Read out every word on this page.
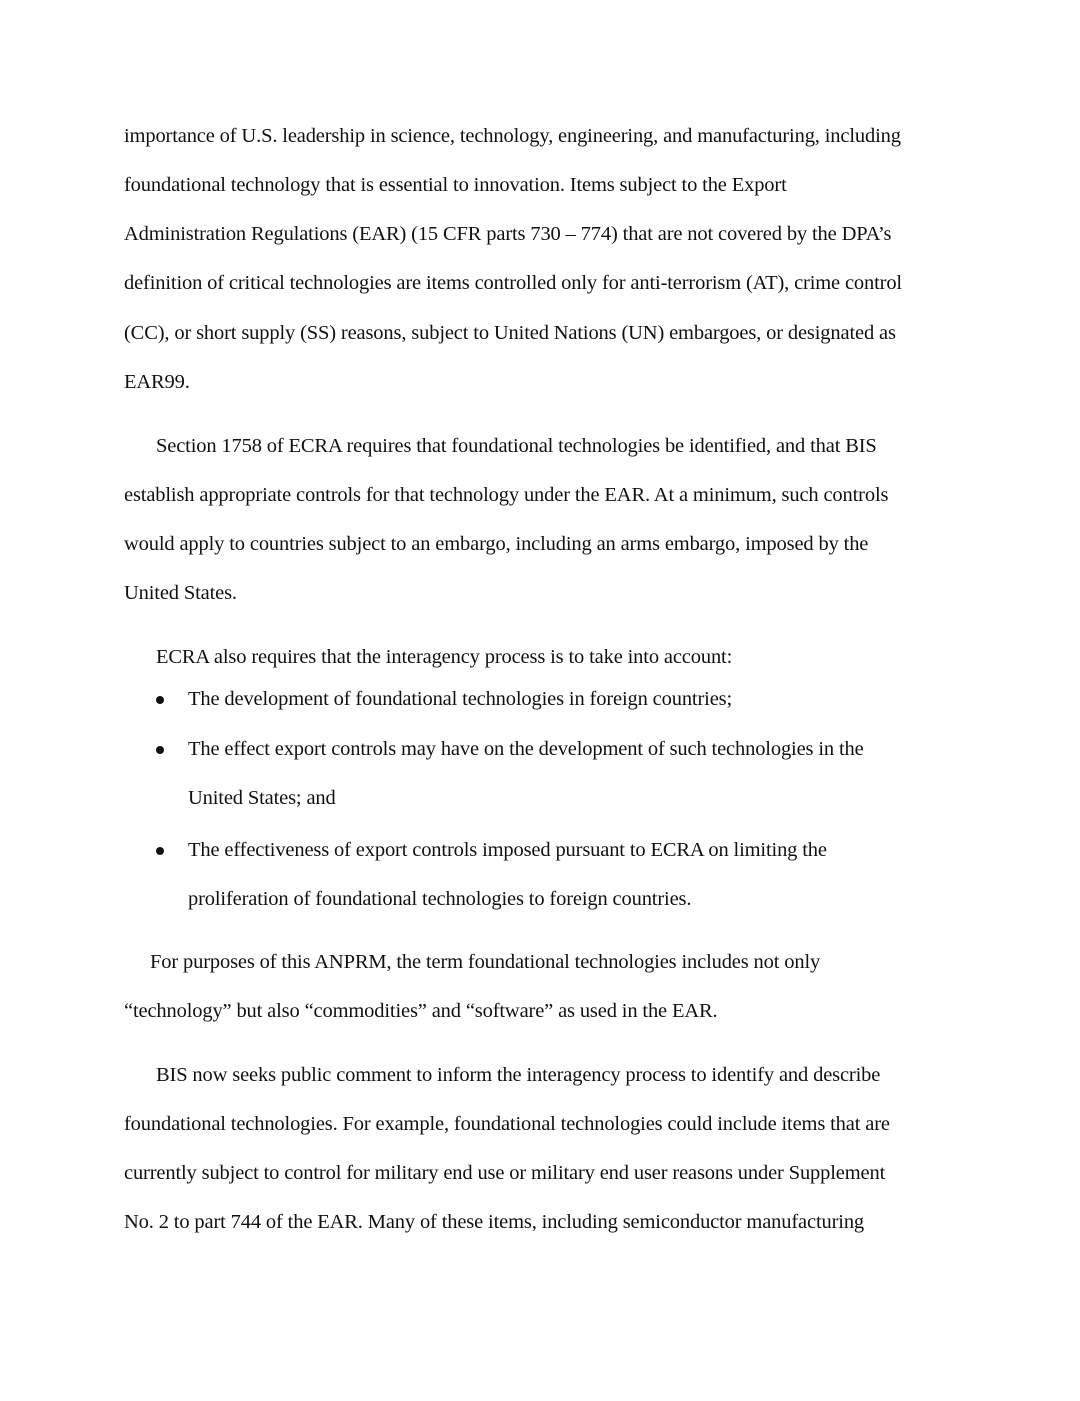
importance of U.S. leadership in science, technology, engineering, and manufacturing, including
foundational technology that is essential to innovation. Items subject to the Export
Administration Regulations (EAR) (15 CFR parts 730 – 774) that are not covered by the DPA’s
definition of critical technologies are items controlled only for anti-terrorism (AT), crime control
(CC), or short supply (SS) reasons, subject to United Nations (UN) embargoes, or designated as
EAR99.
Section 1758 of ECRA requires that foundational technologies be identified, and that BIS
establish appropriate controls for that technology under the EAR. At a minimum, such controls
would apply to countries subject to an embargo, including an arms embargo, imposed by the
United States.
ECRA also requires that the interagency process is to take into account:
The development of foundational technologies in foreign countries;
The effect export controls may have on the development of such technologies in the
United States; and
The effectiveness of export controls imposed pursuant to ECRA on limiting the
proliferation of foundational technologies to foreign countries.
For purposes of this ANPRM, the term foundational technologies includes not only
“technology” but also “commodities” and “software” as used in the EAR.
BIS now seeks public comment to inform the interagency process to identify and describe
foundational technologies. For example, foundational technologies could include items that are
currently subject to control for military end use or military end user reasons under Supplement
No. 2 to part 744 of the EAR. Many of these items, including semiconductor manufacturing
